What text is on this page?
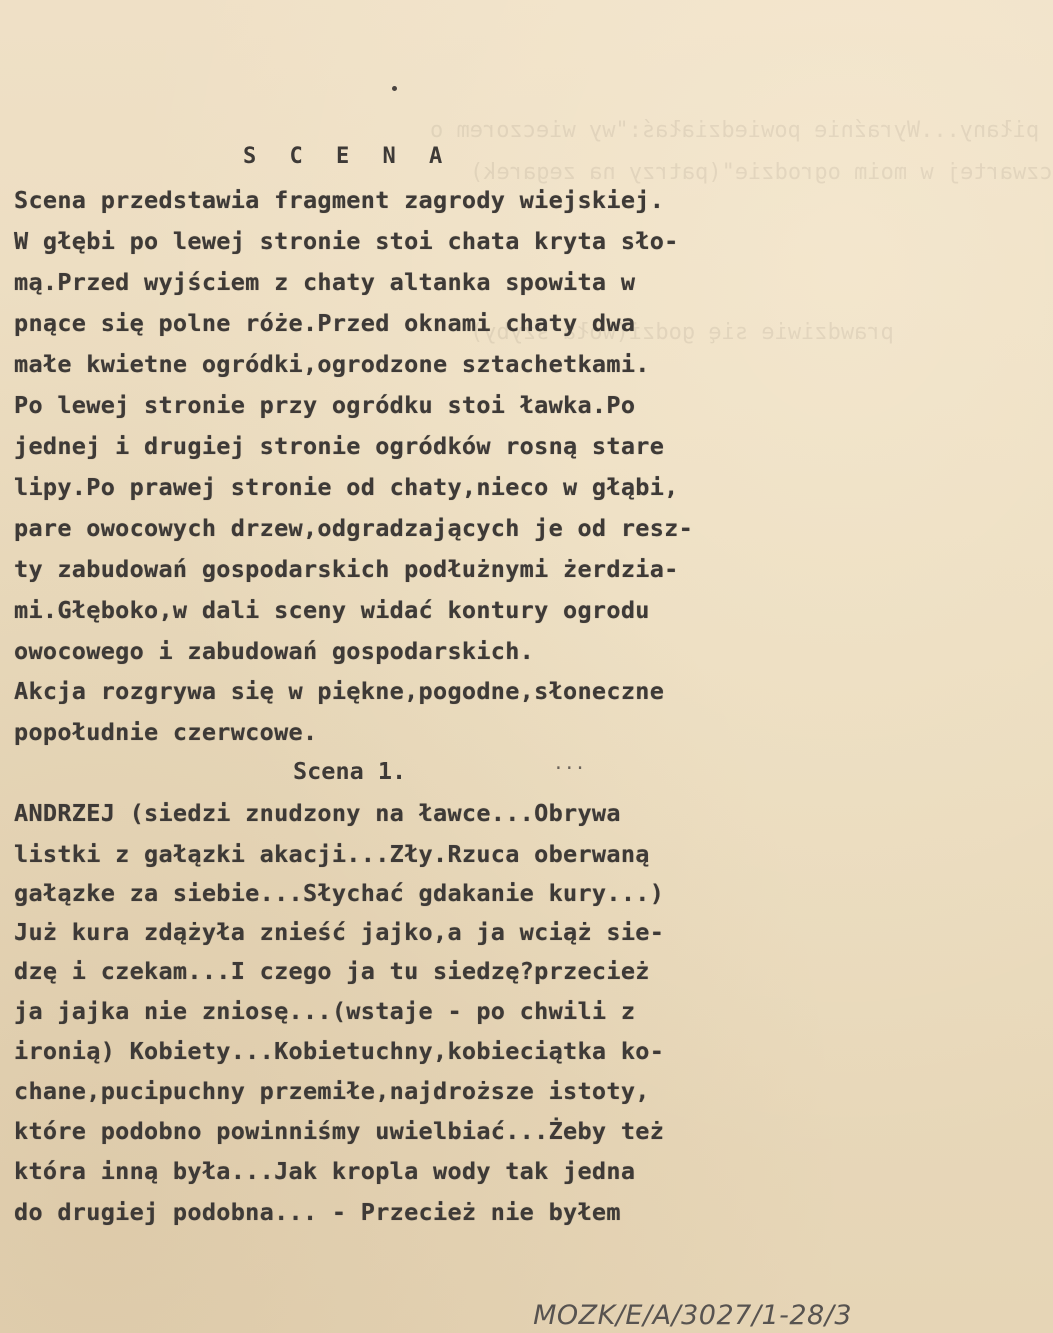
piłany...Wyraźnie powiedziałaś:"wy wieczorem o
czwartej w moim ogrodzie"(patrzy na zegarek)
prawdziwie się godzi(woła szyby)
S C E N A
Scena przedstawia fragment zagrody wiejskiej.
W głębi po lewej stronie stoi chata kryta sło-
mą.Przed wyjściem z chaty altanka spowita w
pnące się polne róże.Przed oknami chaty dwa
małe kwietne ogródki,ogrodzone sztachetkami.
Po lewej stronie przy ogródku stoi ławka.Po
jednej i drugiej stronie ogródków rosną stare
lipy.Po prawej stronie od chaty,nieco w głąbi,
pare owocowych drzew,odgradzających je od resz-
ty zabudowań gospodarskich podłużnymi żerdzia-
mi.Głęboko,w dali sceny widać kontury ogrodu
owocowego i zabudowań gospodarskich.
Akcja rozgrywa się w piękne,pogodne,słoneczne
popołudnie czerwcowe.
Scena 1.	···
ANDRZEJ (siedzi znudzony na ławce...Obrywa
listki z gałązki akacji...Zły.Rzuca oberwaną
gałązke za siebie...Słychać gdakanie kury...)
Już kura zdążyła znieść jajko,a ja wciąż sie-
dzę i czekam...I czego ja tu siedzę?przecież
ja jajka nie zniosę...(wstaje - po chwili z
ironią) Kobiety...Kobietuchny,kobieciątka ko-
chane,pucipuchny przemiłe,najdroższe istoty,
które podobno powinniśmy uwielbiać...Żeby też
która inną była...Jak kropla wody tak jedna
do drugiej podobna... - Przecież nie byłem
MOZK/E/A/3027/1-28/3
